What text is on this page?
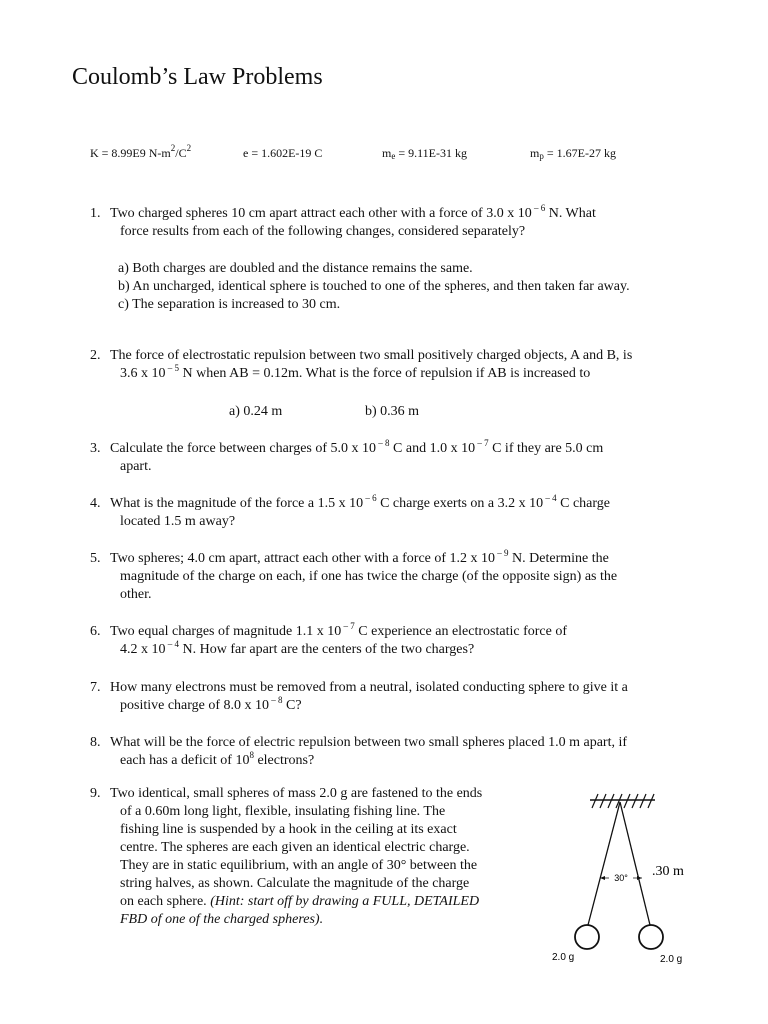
Coulomb’s Law Problems
K = 8.99E9 $N-m^2/C^2$	e = 1.602E-19 C	$m_e = 9.11E-31$ kg	$m_p = 1.67E-27$ kg
1. Two charged spheres 10 cm apart attract each other with a force of 3.0 x 10 $^{- 6}$ N. What
force results from each of the following changes, considered separately?
a) Both charges are doubled and the distance remains the same.
b) An uncharged, identical sphere is touched to one of the spheres, and then taken far away.
c) The separation is increased to 30 cm.
2. The force of electrostatic repulsion between two small positively charged objects, A and B, is
3.6 x 10 $^{- 5}$ N when AB = 0.12m. What is the force of repulsion if AB is increased to
a) 0.24 m	b) 0.36 m
3. Calculate the force between charges of 5.0 x 10 $^{- 8}$ C and 1.0 x 10 $^{- 7}$ C if they are 5.0 cm
apart.
4. What is the magnitude of the force a 1.5 x 10 $^{- 6}$ C charge exerts on a 3.2 x 10 $^{- 4}$ C charge
located 1.5 m away?
5. Two spheres; 4.0 cm apart, attract each other with a force of 1.2 x 10 $^{- 9}$ N. Determine the
magnitude of the charge on each, if one has twice the charge (of the opposite sign) as the
other.
6. Two equal charges of magnitude 1.1 x 10 $^{- 7}$ C experience an electrostatic force of
4.2 x 10 $^{- 4}$ N. How far apart are the centers of the two charges?
7. How many electrons must be removed from a neutral, isolated conducting sphere to give it a
positive charge of 8.0 x 10 $^{- 8}$ C?
8. What will be the force of electric repulsion between two small spheres placed 1.0 m apart, if
each has a deficit of $10^8$ electrons?
9. Two identical, small spheres of mass 2.0 g are fastened to the ends
of a 0.60m long light, flexible, insulating fishing line. The
fishing line is suspended by a hook in the ceiling at its exact
centre. The spheres are each given an identical electric charge.
They are in static equilibrium, with an angle of 30° between the
string halves, as shown. Calculate the magnitude of the charge
on each sphere. (Hint: start off by drawing a FULL, DETAILED
FBD of one of the charged spheres).
30° .30 m
2.0 g	2.0 g
